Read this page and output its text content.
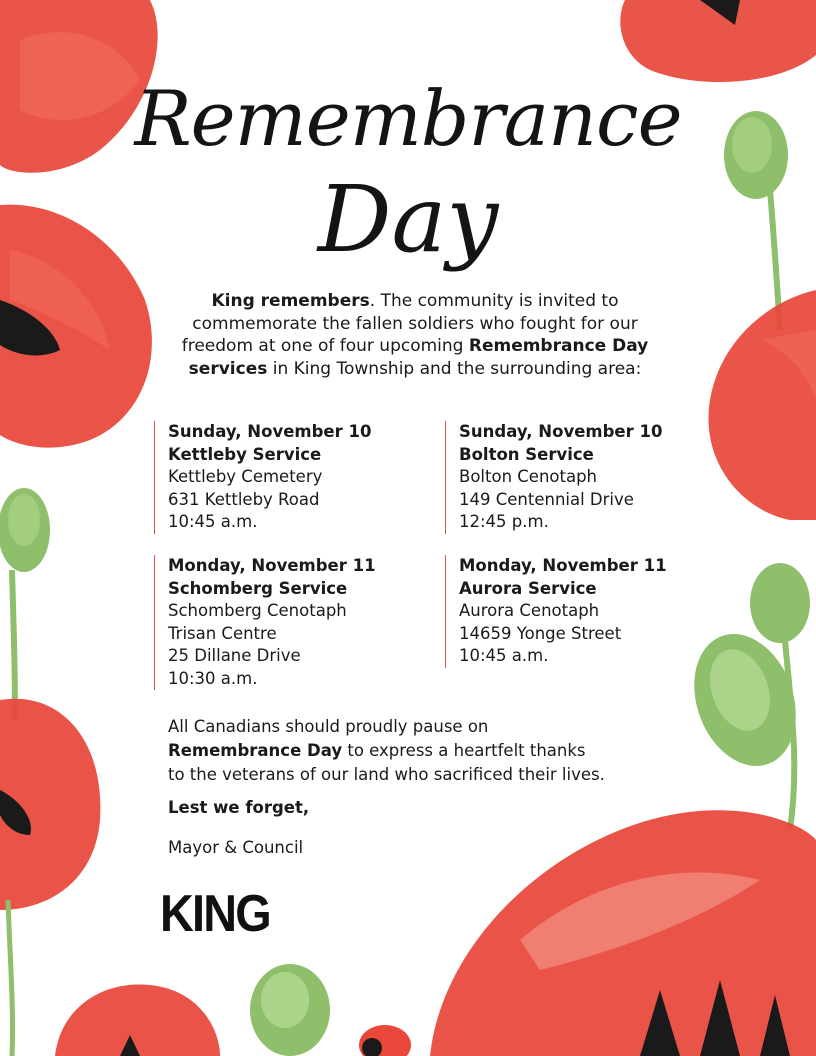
Remembrance
Day
King remembers. The community is invited to commemorate the fallen soldiers who fought for our freedom at one of four upcoming Remembrance Day services in King Township and the surrounding area:
Sunday, November 10
Kettleby Service
Kettleby Cemetery
631 Kettleby Road
10:45 a.m.
Sunday, November 10
Bolton Service
Bolton Cenotaph
149 Centennial Drive
12:45 p.m.
Monday, November 11
Schomberg Service
Schomberg Cenotaph
Trisan Centre
25 Dillane Drive
10:30 a.m.
Monday, November 11
Aurora Service
Aurora Cenotaph
14659 Yonge Street
10:45 a.m.
All Canadians should proudly pause on
Remembrance Day to express a heartfelt thanks
to the veterans of our land who sacrificed their lives.
Lest we forget,
Mayor & Council
KING
